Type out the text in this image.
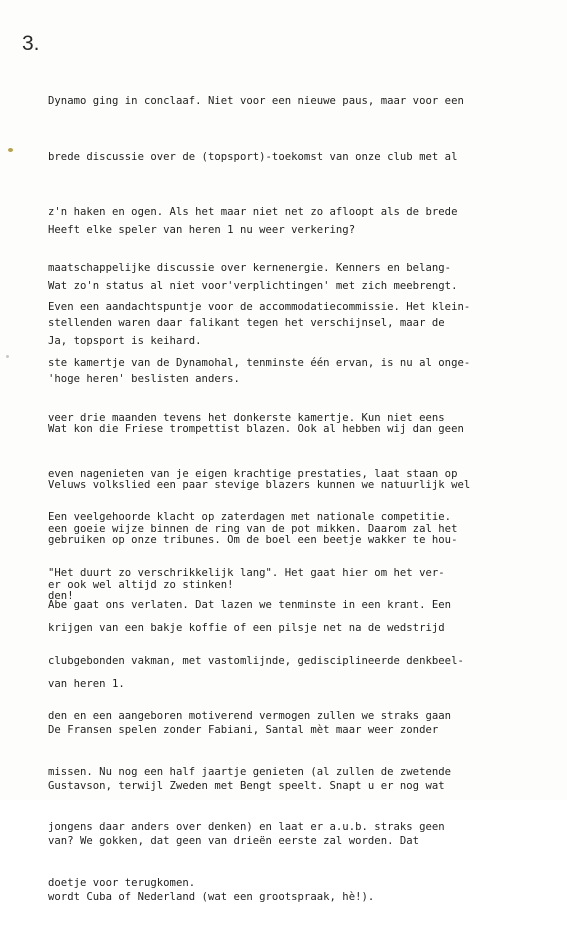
3.

Dynamo ging in conclaaf. Niet voor een nieuwe paus, maar voor een

brede discussie over de (topsport)-toekomst van onze club met al

z'n haken en ogen. Als het maar niet net zo afloopt als de brede

maatschappelijke discussie over kernenergie. Kenners en belang-

stellenden waren daar falikant tegen het verschijnsel, maar de

'hoge heren' beslisten anders.

Heeft elke speler van heren 1 nu weer verkering?

Wat zo'n status al niet voor'verplichtingen' met zich meebrengt.

Ja, topsport is keihard.

Even een aandachtspuntje voor de accommodatiecommissie. Het klein-

ste kamertje van de Dynamohal, tenminste één ervan, is nu al onge-

veer drie maanden tevens het donkerste kamertje. Kun niet eens

even nagenieten van je eigen krachtige prestaties, laat staan op

een goeie wijze binnen de ring van de pot mikken. Daarom zal het

er ook wel altijd zo stinken!

Wat kon die Friese trompettist blazen. Ook al hebben wij dan geen

Veluws volkslied een paar stevige blazers kunnen we natuurlijk wel

gebruiken op onze tribunes. Om de boel een beetje wakker te hou-

den!

Een veelgehoorde klacht op zaterdagen met nationale competitie.

"Het duurt zo verschrikkelijk lang". Het gaat hier om het ver-

krijgen van een bakje koffie of een pilsje net na de wedstrijd

van heren 1.

Abe gaat ons verlaten. Dat lazen we tenminste in een krant. Een

clubgebonden vakman, met vastomlijnde, gedisciplineerde denkbeel-

den en een aangeboren motiverend vermogen zullen we straks gaan

missen. Nu nog een half jaartje genieten (al zullen de zwetende

jongens daar anders over denken) en laat er a.u.b. straks geen

doetje voor terugkomen.

De Fransen spelen zonder Fabiani, Santal mèt maar weer zonder

Gustavson, terwijl Zweden met Bengt speelt. Snapt u er nog wat

van? We gokken, dat geen van drieën eerste zal worden. Dat

wordt Cuba of Nederland (wat een grootspraak, hè!).
